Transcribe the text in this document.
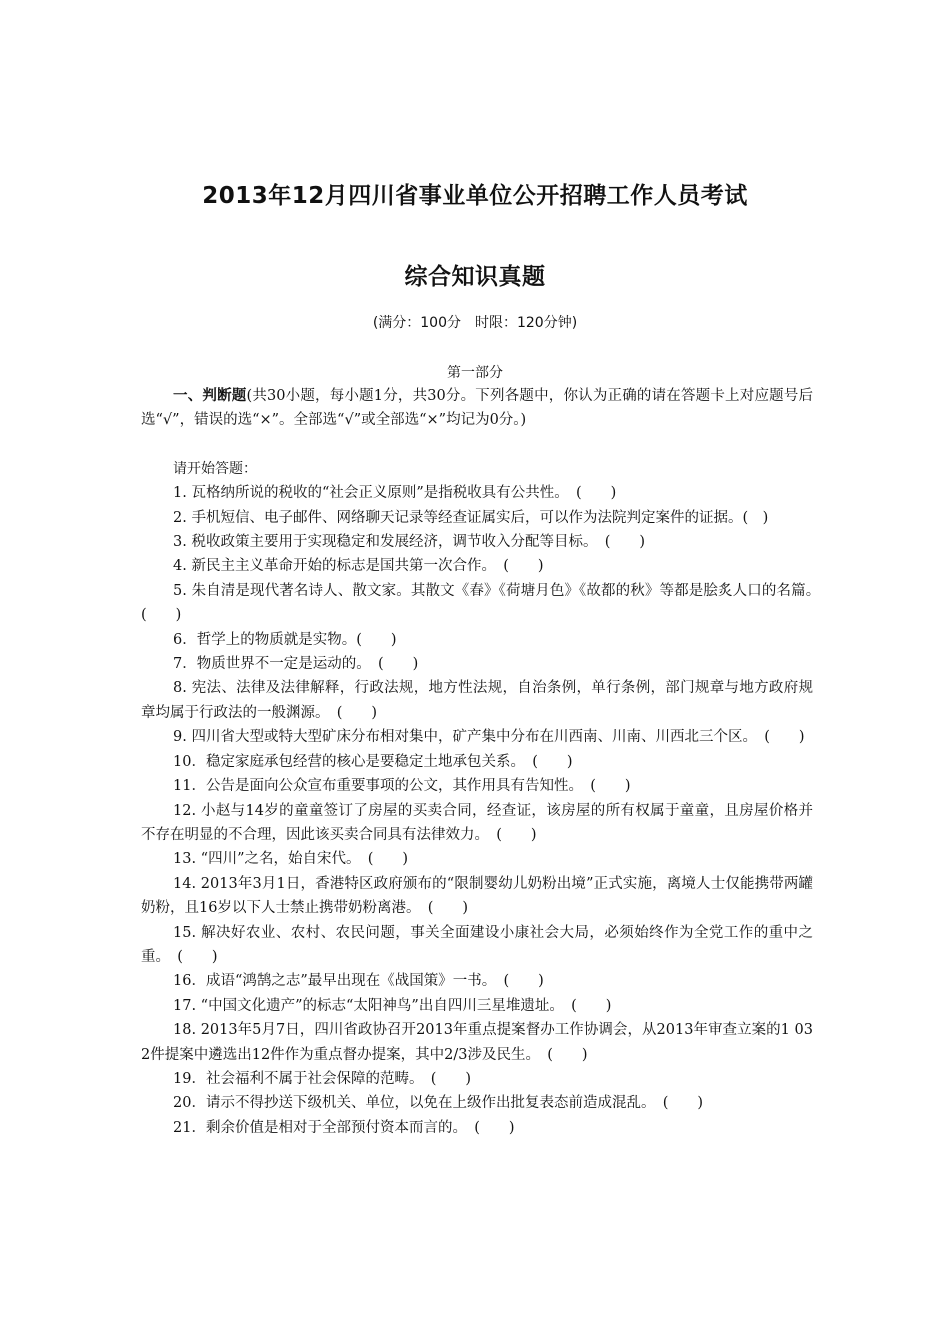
2013年12月四川省事业单位公开招聘工作人员考试
综合知识真题
(满分：100分　时限：120分钟)
第一部分

一、判断题(共30小题，每小题1分，共30分。下列各题中，你认为正确的请在答题卡上对应题号后选“√”，错误的选“×”。全部选“√”或全部选“×”均记为0分。)

请开始答题：

1. 瓦格纳所说的税收的“社会正义原则”是指税收具有公共性。　(　　)

2. 手机短信、电子邮件、网络聊天记录等经查证属实后，可以作为法院判定案件的证据。(　)

3. 税收政策主要用于实现稳定和发展经济，调节收入分配等目标。　(　　)

4. 新民主主义革命开始的标志是国共第一次合作。　(　　)

5. 朱自清是现代著名诗人、散文家。其散文《春》《荷塘月色》《故都的秋》等都是脍炙人口的名篇。　(　　)

6．哲学上的物质就是实物。(　　)

7．物质世界不一定是运动的。　(　　)

8. 宪法、法律及法律解释，行政法规，地方性法规，自治条例，单行条例，部门规章与地方政府规章均属于行政法的一般渊源。　(　　)

9. 四川省大型或特大型矿床分布相对集中，矿产集中分布在川西南、川南、川西北三个区。　(　　)

10．稳定家庭承包经营的核心是要稳定土地承包关系。　(　　)

11．公告是面向公众宣布重要事项的公文，其作用具有告知性。　(　　)

12. 小赵与14岁的童童签订了房屋的买卖合同，经查证，该房屋的所有权属于童童，且房屋价格并不存在明显的不合理，因此该买卖合同具有法律效力。　(　　)

13. “四川”之名，始自宋代。　(　　)

14. 2013年3月1日，香港特区政府颁布的“限制婴幼儿奶粉出境”正式实施，离境人士仅能携带两罐奶粉，且16岁以下人士禁止携带奶粉离港。　(　　)

15. 解决好农业、农村、农民问题，事关全面建设小康社会大局，必须始终作为全党工作的重中之重。　(　　)

16．成语“鸿鹄之志”最早出现在《战国策》一书。　(　　)

17. “中国文化遗产”的标志“太阳神鸟”出自四川三星堆遗址。　(　　)

18. 2013年5月7日，四川省政协召开2013年重点提案督办工作协调会，从2013年审查立案的1 032件提案中遴选出12件作为重点督办提案，其中2/3涉及民生。　(　　)

19．社会福利不属于社会保障的范畴。　(　　)

20．请示不得抄送下级机关、单位，以免在上级作出批复表态前造成混乱。　(　　)

21．剩余价值是相对于全部预付资本而言的。　(　　)
